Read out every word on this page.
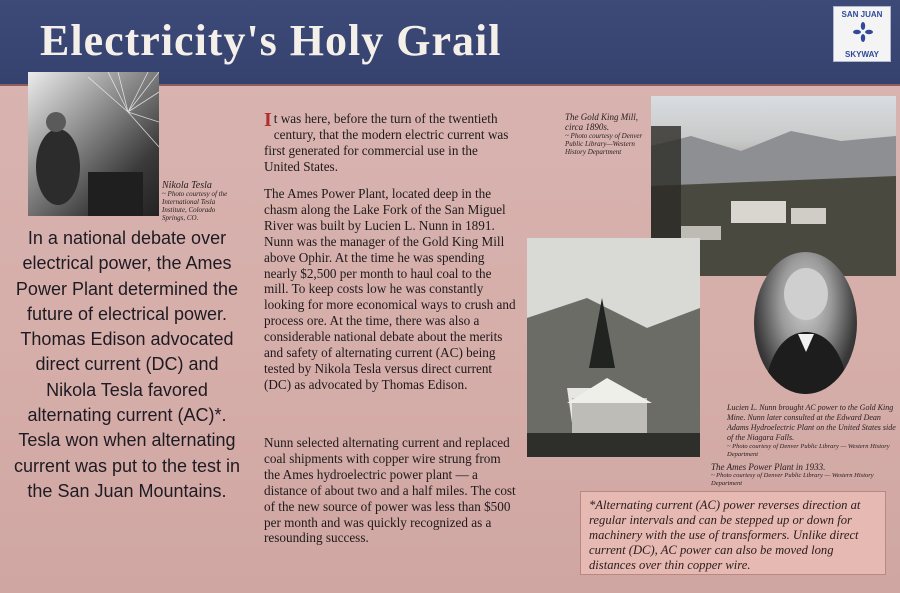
Electricity's Holy Grail
SAN JUAN
SKYWAY
Nikola Tesla
~ Photo courtesy of the International Tesla Institute, Colorado Springs, CO.
In a national debate over electrical power, the Ames Power Plant determined the future of electrical power. Thomas Edison advocated direct current (DC) and Nikola Tesla favored alternating current (AC)*. Tesla won when alternating current was put to the test in the San Juan Mountains.
It was here, before the turn of the twentieth century, that the modern electric current was first generated for commercial use in the United States.
The Ames Power Plant, located deep in the chasm along the Lake Fork of the San Miguel River was built by Lucien L. Nunn in 1891. Nunn was the manager of the Gold King Mill above Ophir. At the time he was spending nearly $2,500 per month to haul coal to the mill. To keep costs low he was constantly looking for more economical ways to crush and process ore. At the time, there was also a considerable national debate about the merits and safety of alternating current (AC) being tested by Nikola Tesla versus direct current (DC) as advocated by Thomas Edison.
Nunn selected alternating current and replaced coal shipments with copper wire strung from the Ames hydroelectric power plant — a distance of about two and a half miles. The cost of the new source of power was less than $500 per month and was quickly recognized as a resounding success.
The Gold King Mill, circa 1890s.
~ Photo courtesy of Denver Public Library—Western History Department
Lucien L. Nunn brought AC power to the Gold King Mine. Nunn later consulted at the Edward Dean Adams Hydroelectric Plant on the United States side of the Niagara Falls.
~ Photo courtesy of Denver Public Library — Western History Department
The Ames Power Plant in 1933.
~ Photo courtesy of Denver Public Library — Western History Department
*Alternating current (AC) power reverses direction at regular intervals and can be stepped up or down for machinery with the use of transformers. Unlike direct current (DC), AC power can also be moved long distances over thin copper wire.
